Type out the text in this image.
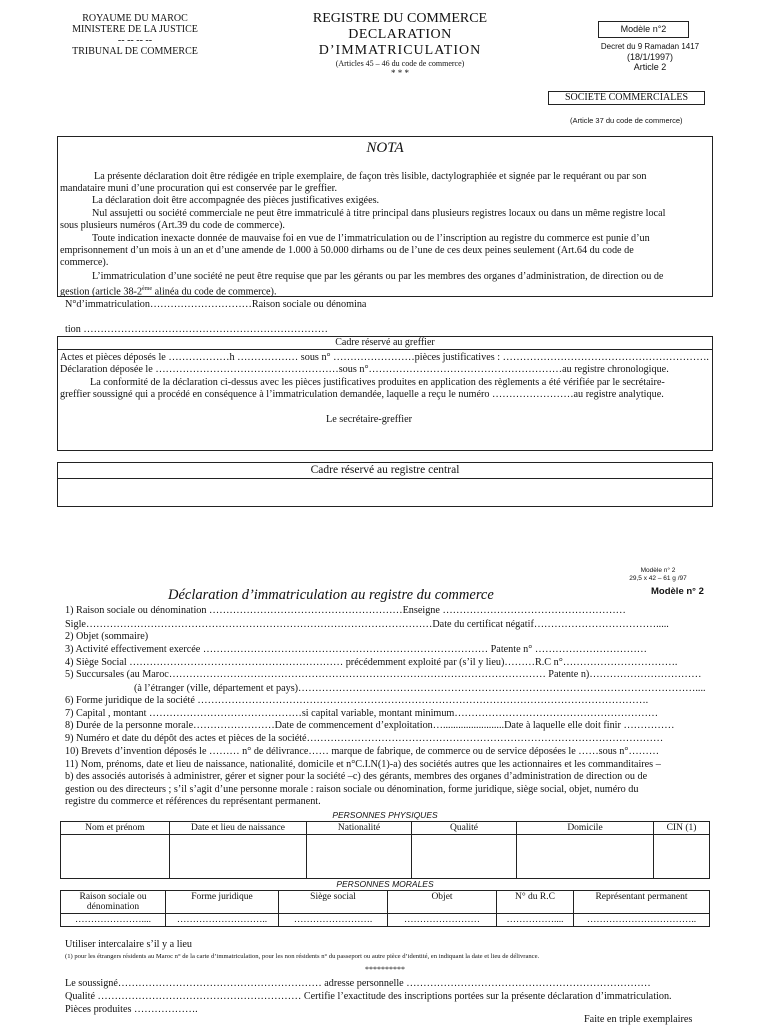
ROYAUME DU MAROC
MINISTERE DE LA JUSTICE
-- -- -- --
TRIBUNAL DE COMMERCE
REGISTRE DU COMMERCE
DECLARATION
D’IMMATRICULATION
(Articles 45 – 46 du code de commerce)
* * *
Modèle n°2
Decret du 9 Ramadan 1417
(18/1/1997)
Article 2
SOCIETE COMMERCIALES
(Article 37 du code de commerce)
NOTA
La présente déclaration doit être rédigée en triple exemplaire, de façon très lisible, dactylographiée et signée par le requérant ou par son
mandataire muni d’une procuration qui est conservée par le greffier.
La déclaration doit être accompagnée des pièces justificatives exigées.
Nul assujetti ou société commerciale ne peut être immatriculé à titre principal dans plusieurs registres locaux ou dans un même registre local
sous plusieurs numéros (Art.39 du code de commerce).
Toute indication inexacte donnée de mauvaise foi en vue de l’immatriculation ou de l’inscription au registre du commerce est punie d’un
emprisonnement d’un mois à un an et d’une amende de 1.000 à 50.000 dirhams ou de l’une de ces deux peines seulement (Art.64 du code de
commerce).
L’immatriculation d’une société ne peut être requise que par les gérants ou par les membres des organes d’administration, de direction ou de
gestion (article 38-2ème alinéa du code de commerce).
N°d’immatriculation…………………………Raison sociale ou dénomina
tion ………………………………………………………………
Cadre réservé au greffier
Actes et pièces déposés le ………………h ……………… sous n° ……………………pièces justificatives : …………………………………………………….
Déclaration déposée le ………………………………………………sous n°…………………………………………………au registre chronologique.
La conformité de la déclaration ci-dessus avec les pièces justificatives produites en application des règlements a été vérifiée par le secrétaire-
greffier soussigné qui a procédé en conséquence à l’immatriculation demandée, laquelle a reçu le numéro ……………………au registre analytique.
Le secrétaire-greffier
Cadre réservé au registre central
Modèle n° 2
29,5 x 42 – 61 g /97
Déclaration d’immatriculation au registre du commerce	Modèle n° 2
1) Raison sociale ou dénomination …………………………………………………Enseigne ………………………………………………
Sigle…………………………………………………………………………………………Date du certificat négatif……………………………….....
2) Objet (sommaire)
3) Activité effectivement exercée ………………………………………………………………………… Patente n° ……………………………
4) Siège Social ……………………………………………………… précédemment exploité par (s’il y lieu)………R.C n°…………………………….
5) Succursales (au Maroc………………………………………………………………………………………………… Patente n)……………………………
(à l’étranger (ville, département et pays)………………………………………………………………………………………………………....
6) Forme juridique de la société …………………………………………………………………………………………………………………….
7) Capital , montant ………………………………………si capital variable, montant minimum……………………………………………………
8) Durée de la personne morale……………………Date de commencement d’exploitation…........................Date à laquelle elle doit finir ……………
9) Numéro et date du dépôt des actes et pièces de la société……………………………………………………………………………………………
10) Brevets d’invention déposés le ……… n° de délivrance…… marque de fabrique, de commerce ou de service déposées le ……sous n°………
11) Nom, prénoms, date et lieu de naissance, nationalité, domicile et n°C.I.N(1)-a) des sociétés autres que les actionnaires et les commanditaires –
b) des associés autorisés à administrer, gérer et signer pour la société –c) des gérants, membres des organes d’administration de direction ou de
gestion ou des directeurs ; s’il s’agit d’une personne morale : raison sociale ou dénomination, forme juridique, siège social, objet, numéro du
registre du commerce et références du représentant permanent.
PERSONNES PHYSIQUES
Nom et prénom	Date et lieu de naissance	Nationalité	Qualité	Domicile	CIN (1)

PERSONNES MORALES
Raison sociale ou dénomination	Forme juridique	Siège social	Objet	N° du R.C	Représentant permanent
…………………....	………………………..	…………………….	……………………	……………....	……………………………..
Utiliser intercalaire s’il y a lieu
(1) pour les étrangers résidents au Maroc n° de la carte d’immatriculation, pour les non résidents n° du passeport ou autre pièce d’identité, en indiquant la date et lieu de délivrance.
**********
Le soussigné…………………………………………………… adresse personnelle ………………………………………………………………
Qualité …………………………………………………… Certifie l’exactitude des inscriptions portées sur la présente déclaration d’immatriculation.
Pièces produites ……………….
Faite en triple exemplaires
